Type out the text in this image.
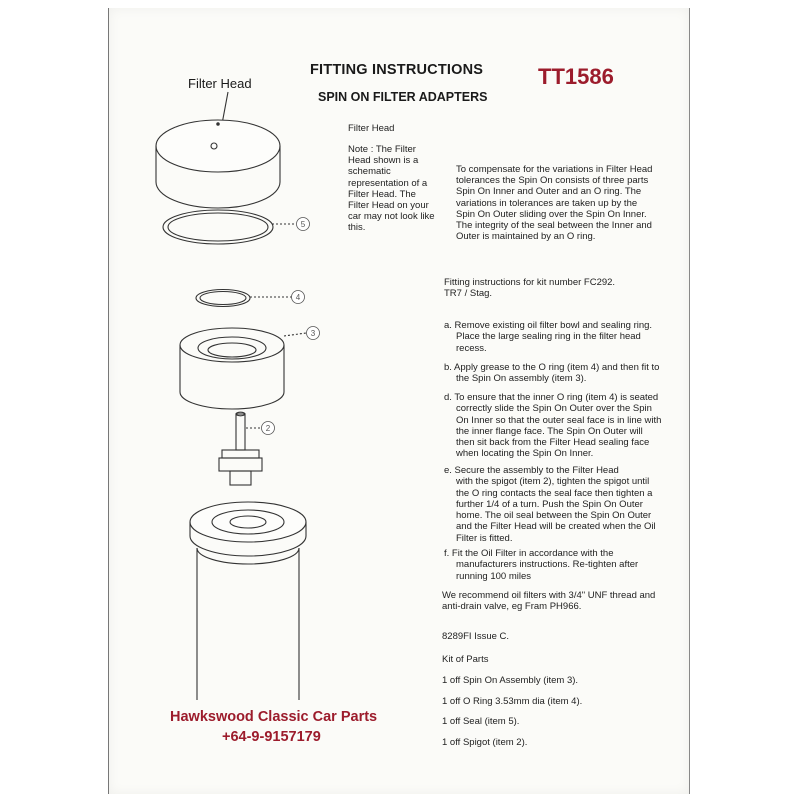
5
4
3
2
FITTING INSTRUCTIONS
SPIN ON FILTER ADAPTERS
TT1586
Filter Head
Filter Head
Note : The Filter
Head shown is a
schematic
representation of a
Filter Head. The
Filter Head on your
car may not look like
this.
To compensate for the variations in Filter Head
tolerances the Spin On consists of three parts
Spin On Inner and Outer and an O ring. The
variations in tolerances are taken up by the
Spin On Outer sliding over the Spin On Inner.
The integrity of the seal between the Inner and
Outer is maintained by an O ring.
Fitting instructions for kit number FC292.
TR7 / Stag.
a. Remove existing oil filter bowl and sealing ring.
Place the large sealing ring in the filter head
recess.
b. Apply grease to the O ring (item 4) and then fit to
the Spin On assembly (item 3).
d. To ensure that the inner O ring (item 4) is seated
correctly slide the Spin On Outer over the Spin
On Inner so that the outer seal face is in line with
the inner flange face. The Spin On Outer will
then sit back from the Filter Head sealing face
when locating the Spin On Inner.
e. Secure the assembly to the Filter Head
with the spigot (item 2), tighten the spigot until
the O ring contacts the seal face then tighten a
further 1/4 of a turn. Push the Spin On Outer
home. The oil seal between the Spin On Outer
and the Filter Head will be created when the Oil
Filter is fitted.
f. Fit the Oil Filter in accordance with the
manufacturers instructions. Re-tighten after
running 100 miles
We recommend oil filters with 3/4" UNF thread and
anti-drain valve, eg Fram PH966.
8289FI Issue C.
Kit of Parts
1 off Spin On Assembly (item 3).
1 off O Ring 3.53mm dia (item 4).
1 off Seal (item 5).
1 off Spigot (item 2).
Hawkswood Classic Car Parts
+64-9-9157179
